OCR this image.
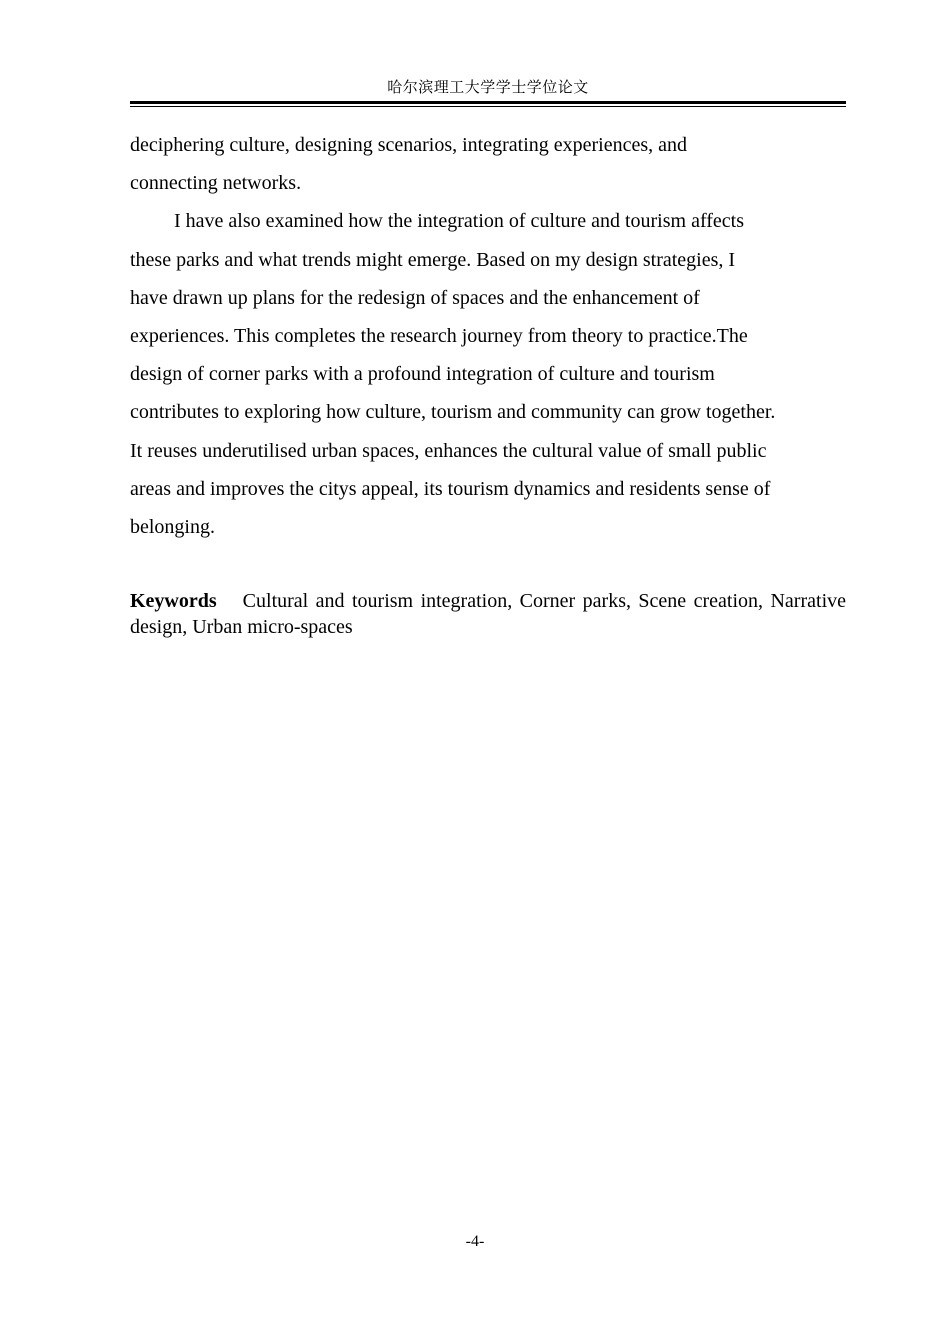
哈尔滨理工大学学士学位论文
deciphering culture, designing scenarios, integrating experiences, and
connecting networks.
I have also examined how the integration of culture and tourism affects
these parks and what trends might emerge. Based on my design strategies, I
have drawn up plans for the redesign of spaces and the enhancement of
experiences. This completes the research journey from theory to practice.The
design of corner parks with a profound integration of culture and tourism
contributes to exploring how culture, tourism and community can grow together.
It reuses underutilised urban spaces, enhances the cultural value of small public
areas and improves the citys appeal, its tourism dynamics and residents sense of
belonging.
Keywords Cultural and tourism integration, Corner parks, Scene creation, Narrative design, Urban micro-spaces
-4-
